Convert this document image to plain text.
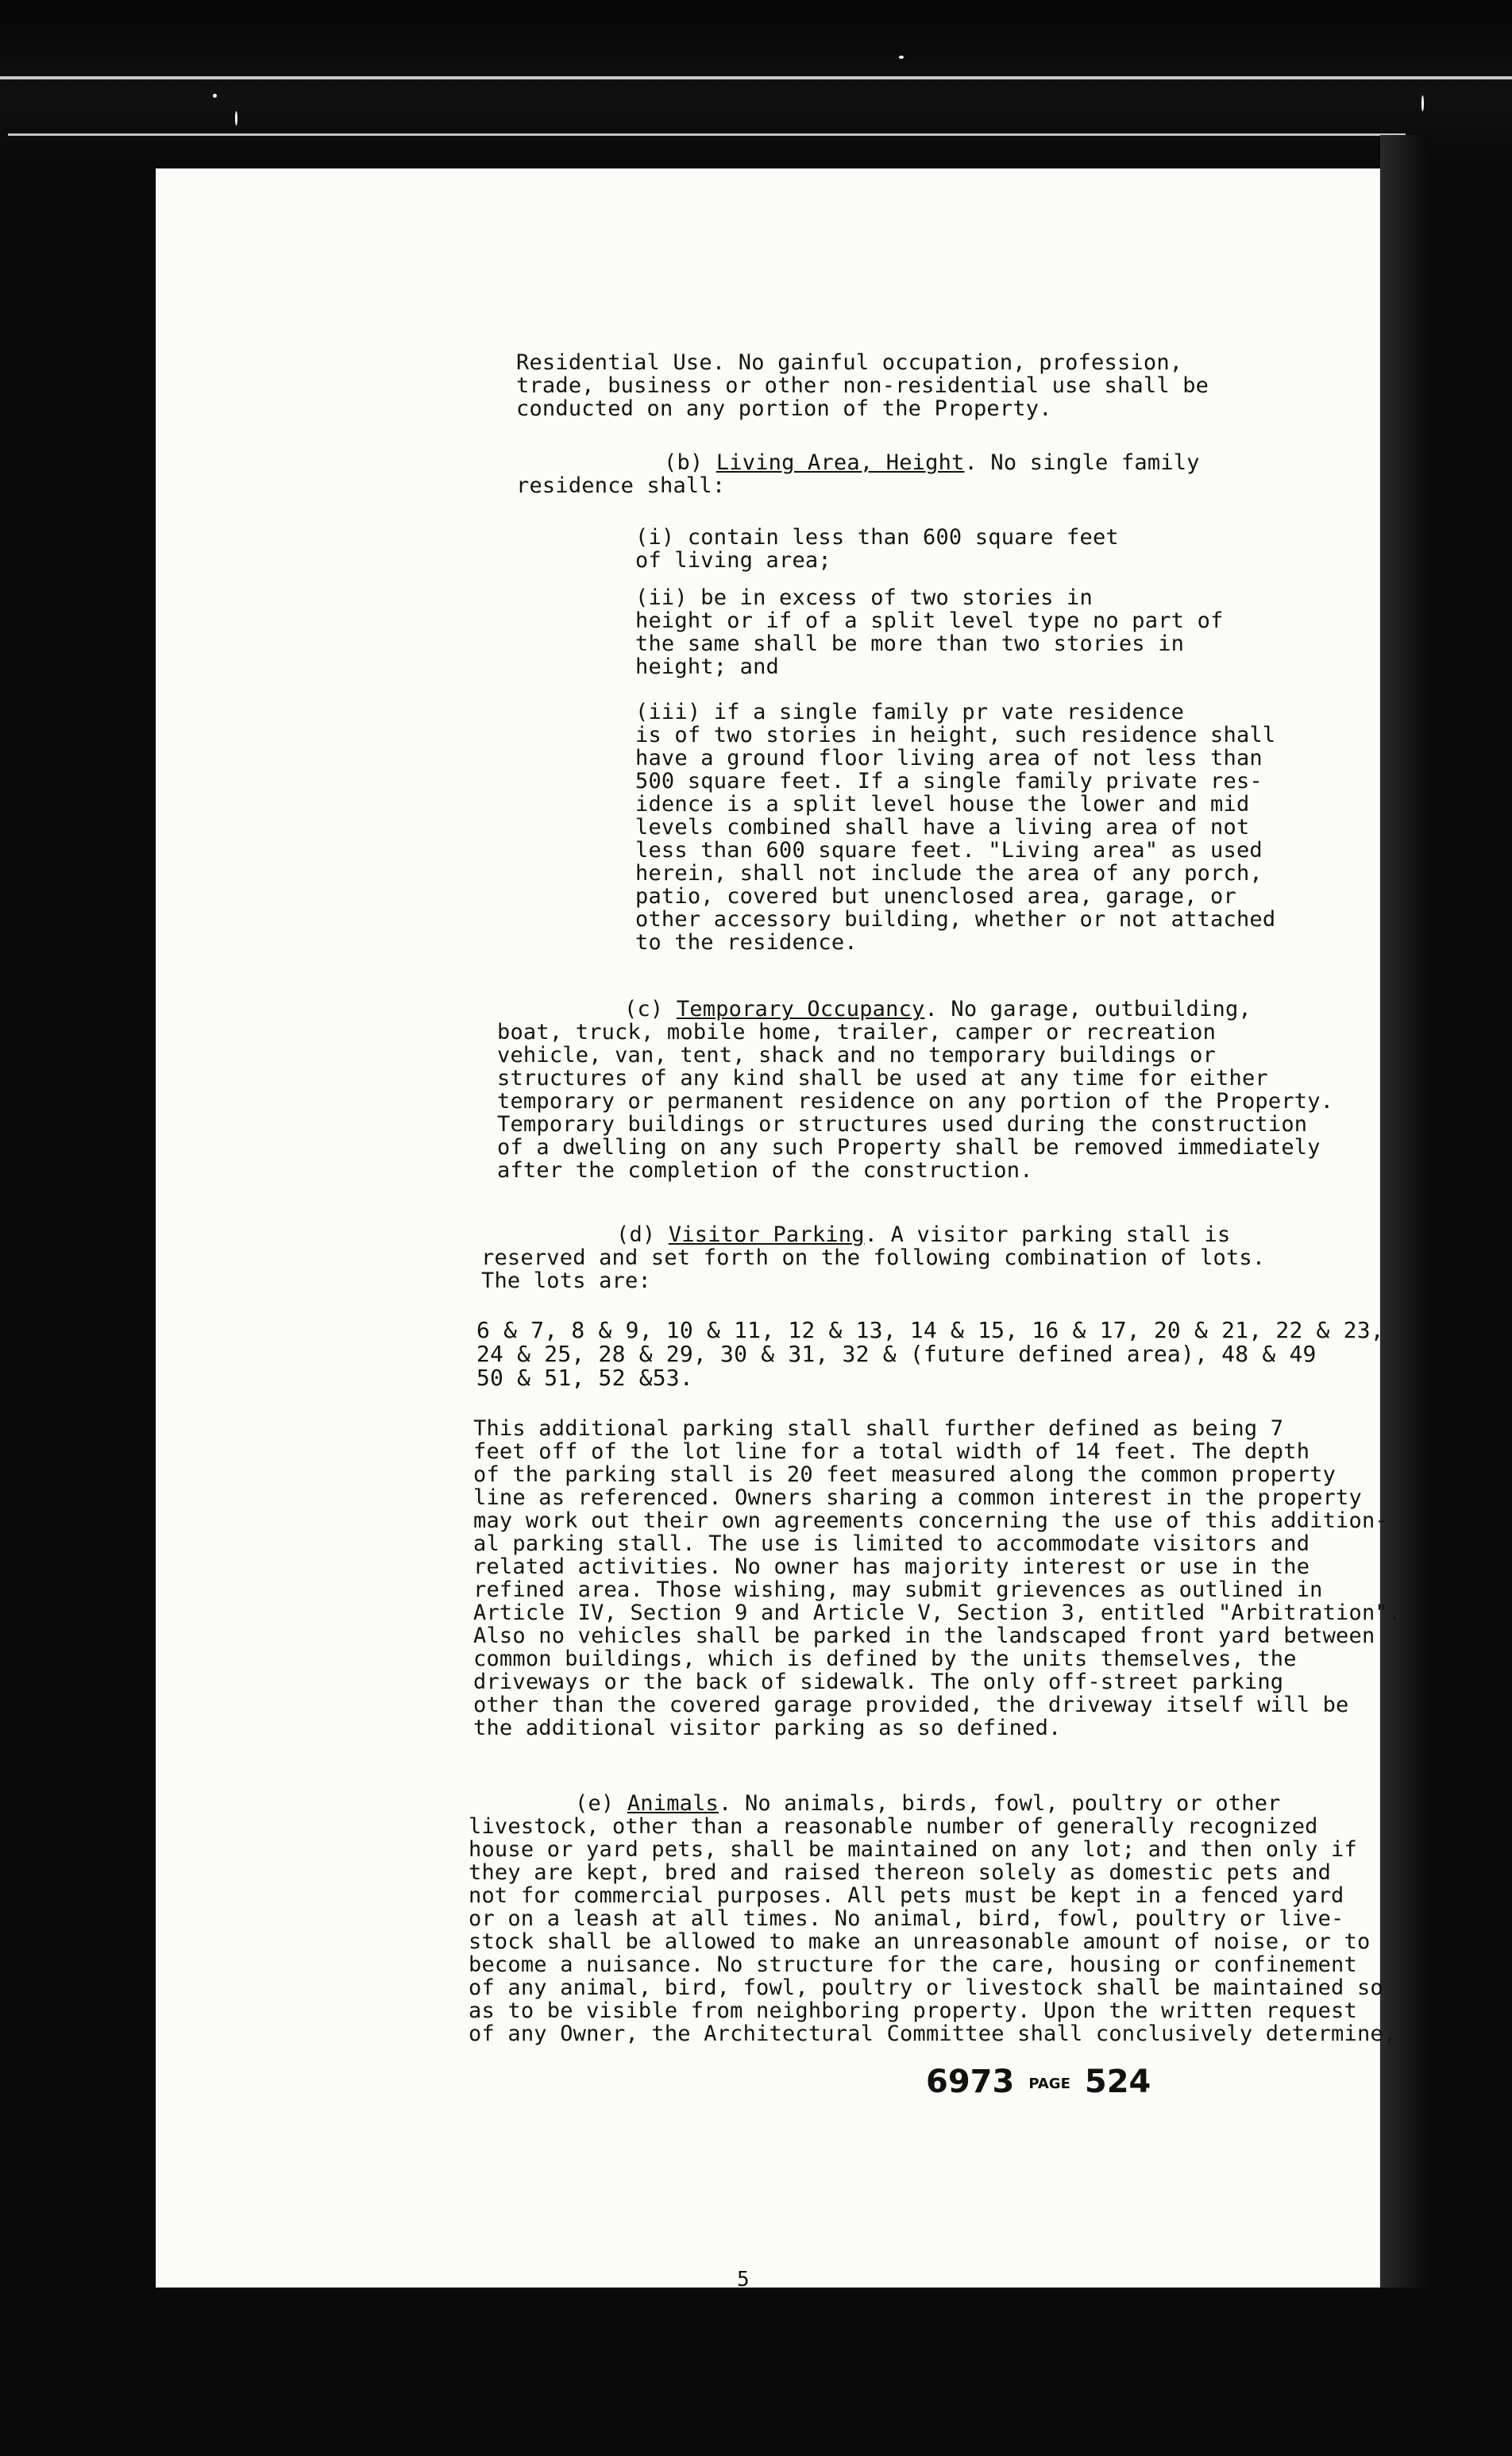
Residential Use. No gainful occupation, profession,
trade, business or other non-residential use shall be
conducted on any portion of the Property.

(b) Living Area, Height. No single family
residence shall:

(i) contain less than 600 square feet
of living area;

(ii) be in excess of two stories in
height or if of a split level type no part of
the same shall be more than two stories in
height; and

(iii) if a single family pr vate residence
is of two stories in height, such residence shall
have a ground floor living area of not less than
500 square feet. If a single family private res-
idence is a split level house the lower and mid
levels combined shall have a living area of not
less than 600 square feet. "Living area" as used
herein, shall not include the area of any porch,
patio, covered but unenclosed area, garage, or
other accessory building, whether or not attached
to the residence.

(c) Temporary Occupancy. No garage, outbuilding,
boat, truck, mobile home, trailer, camper or recreation
vehicle, van, tent, shack and no temporary buildings or
structures of any kind shall be used at any time for either
temporary or permanent residence on any portion of the Property.
Temporary buildings or structures used during the construction
of a dwelling on any such Property shall be removed immediately
after the completion of the construction.

(d) Visitor Parking. A visitor parking stall is
reserved and set forth on the following combination of lots.
The lots are:

6 & 7, 8 & 9, 10 & 11, 12 & 13, 14 & 15, 16 & 17, 20 & 21, 22 & 23,
24 & 25, 28 & 29, 30 & 31, 32 & (future defined area), 48 & 49
50 & 51, 52 &53.

This additional parking stall shall further defined as being 7
feet off of the lot line for a total width of 14 feet. The depth
of the parking stall is 20 feet measured along the common property
line as referenced. Owners sharing a common interest in the property
may work out their own agreements concerning the use of this addition-
al parking stall. The use is limited to accommodate visitors and
related activities. No owner has majority interest or use in the
refined area. Those wishing, may submit grievences as outlined in
Article IV, Section 9 and Article V, Section 3, entitled "Arbitration".
Also no vehicles shall be parked in the landscaped front yard between
common buildings, which is defined by the units themselves, the
driveways or the back of sidewalk. The only off-street parking
other than the covered garage provided, the driveway itself will be
the additional visitor parking as so defined.

(e) Animals. No animals, birds, fowl, poultry or other
livestock, other than a reasonable number of generally recognized
house or yard pets, shall be maintained on any lot; and then only if
they are kept, bred and raised thereon solely as domestic pets and
not for commercial purposes. All pets must be kept in a fenced yard
or on a leash at all times. No animal, bird, fowl, poultry or live-
stock shall be allowed to make an unreasonable amount of noise, or to
become a nuisance. No structure for the care, housing or confinement
of any animal, bird, fowl, poultry or livestock shall be maintained so
as to be visible from neighboring property. Upon the written request
of any Owner, the Architectural Committee shall conclusively determine,

6973 PAGE 524
5
